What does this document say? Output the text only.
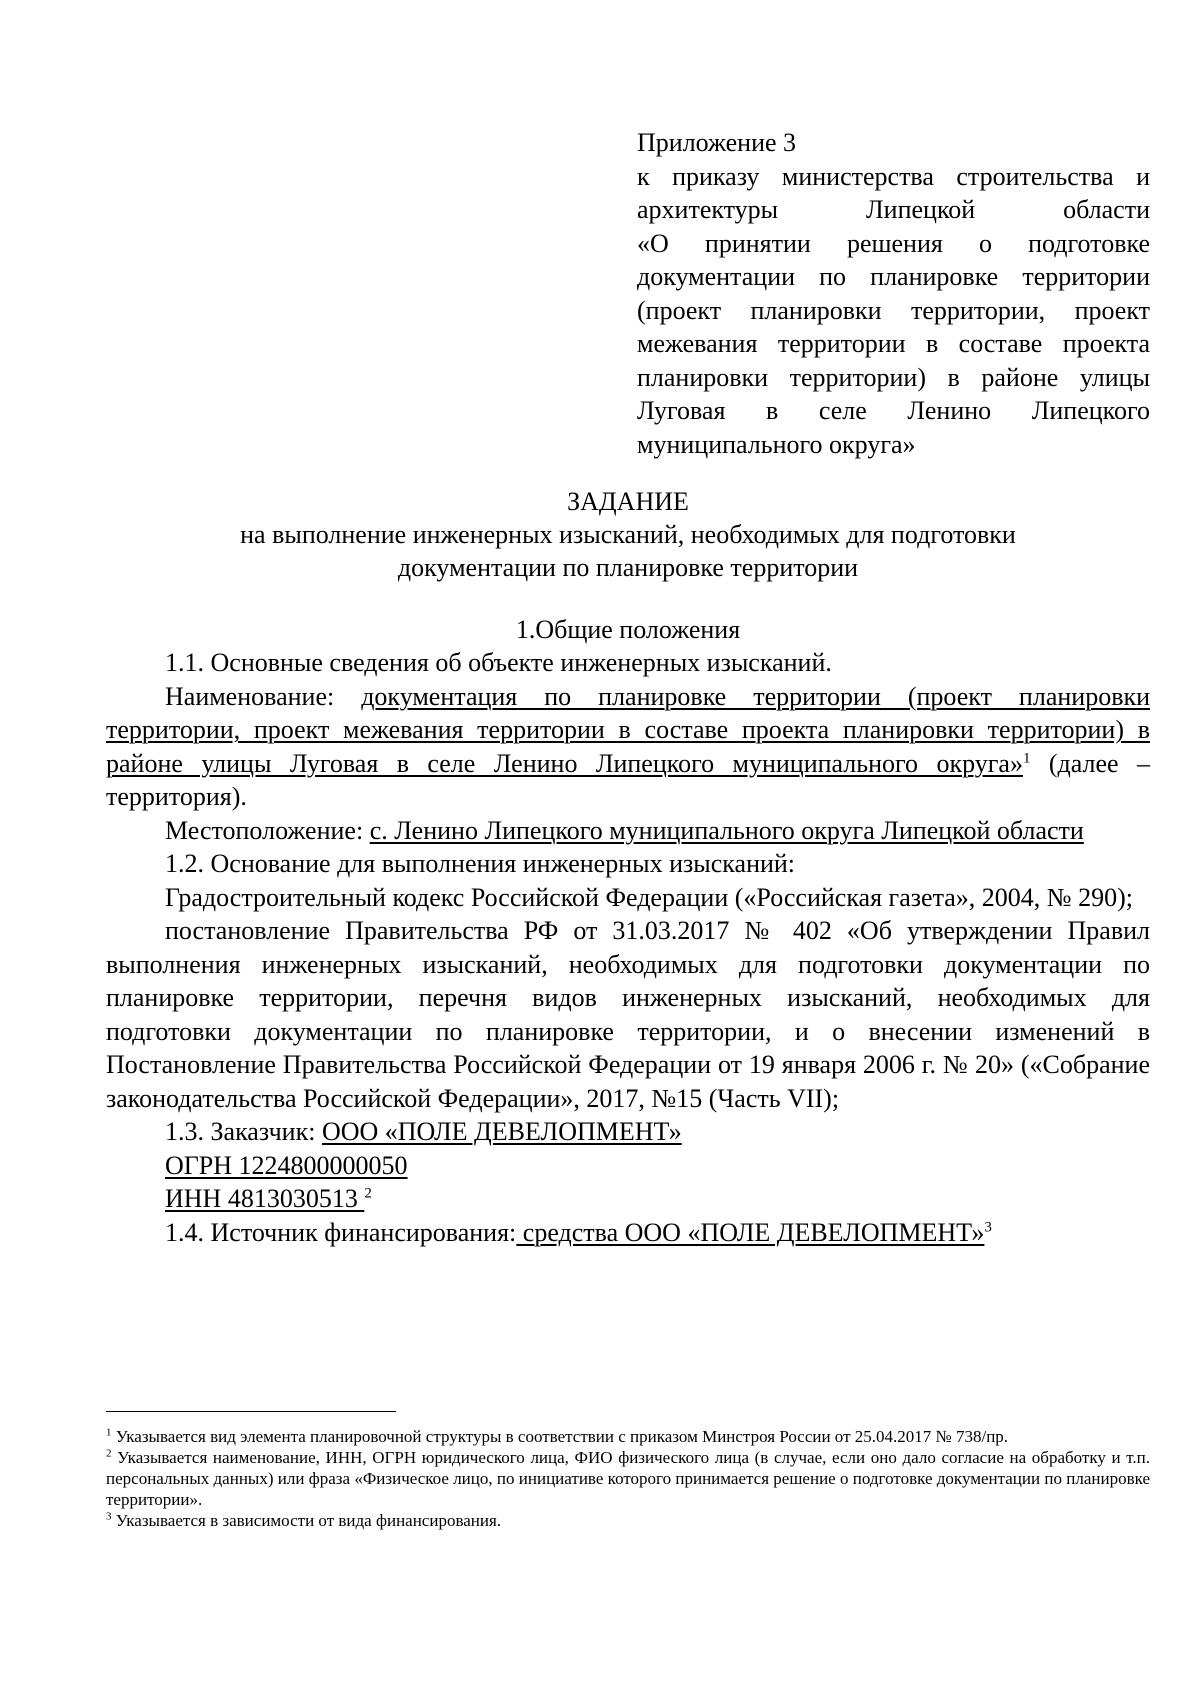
Приложение 3
к приказу министерства строительства и
архитектуры Липецкой области
«О принятии решения о подготовке
документации по планировке территории
(проект планировки территории, проект
межевания территории в составе проекта
планировки территории) в районе улицы
Луговая в селе Ленино Липецкого
муниципального округа»
ЗАДАНИЕ
на выполнение инженерных изысканий, необходимых для подготовки
документации по планировке территории
1.Общие положения
1.1. Основные сведения об объекте инженерных изысканий.
Наименование: документация по планировке территории (проект планировки территории, проект межевания территории в составе проекта планировки территории) в районе улицы Луговая в селе Ленино Липецкого муниципального округа»$^1$ (далее – территория).
Местоположение: с. Ленино Липецкого муниципального округа Липецкой области
1.2. Основание для выполнения инженерных изысканий:
Градостроительный кодекс Российской Федерации («Российская газета», 2004, № 290);
постановление Правительства РФ от 31.03.2017 № 402 «Об утверждении Правил выполнения инженерных изысканий, необходимых для подготовки документации по планировке территории, перечня видов инженерных изысканий, необходимых для подготовки документации по планировке территории, и о внесении изменений в Постановление Правительства Российской Федерации от 19 января 2006 г. № 20» («Собрание законодательства Российской Федерации», 2017, №15 (Часть VII);
1.3. Заказчик: ООО «ПОЛЕ ДЕВЕЛОПМЕНТ»
ОГРН 1224800000050
ИНН 4813030513 $^2$
1.4. Источник финансирования: средства ООО «ПОЛЕ ДЕВЕЛОПМЕНТ»$^3$
$^1$ Указывается вид элемента планировочной структуры в соответствии с приказом Минстроя России от 25.04.2017 № 738/пр.
$^2$ Указывается наименование, ИНН, ОГРН юридического лица, ФИО физического лица (в случае, если оно дало согласие на обработку и т.п. персональных данных) или фраза «Физическое лицо, по инициативе которого принимается решение о подготовке документации по планировке территории».
$^3$ Указывается в зависимости от вида финансирования.
